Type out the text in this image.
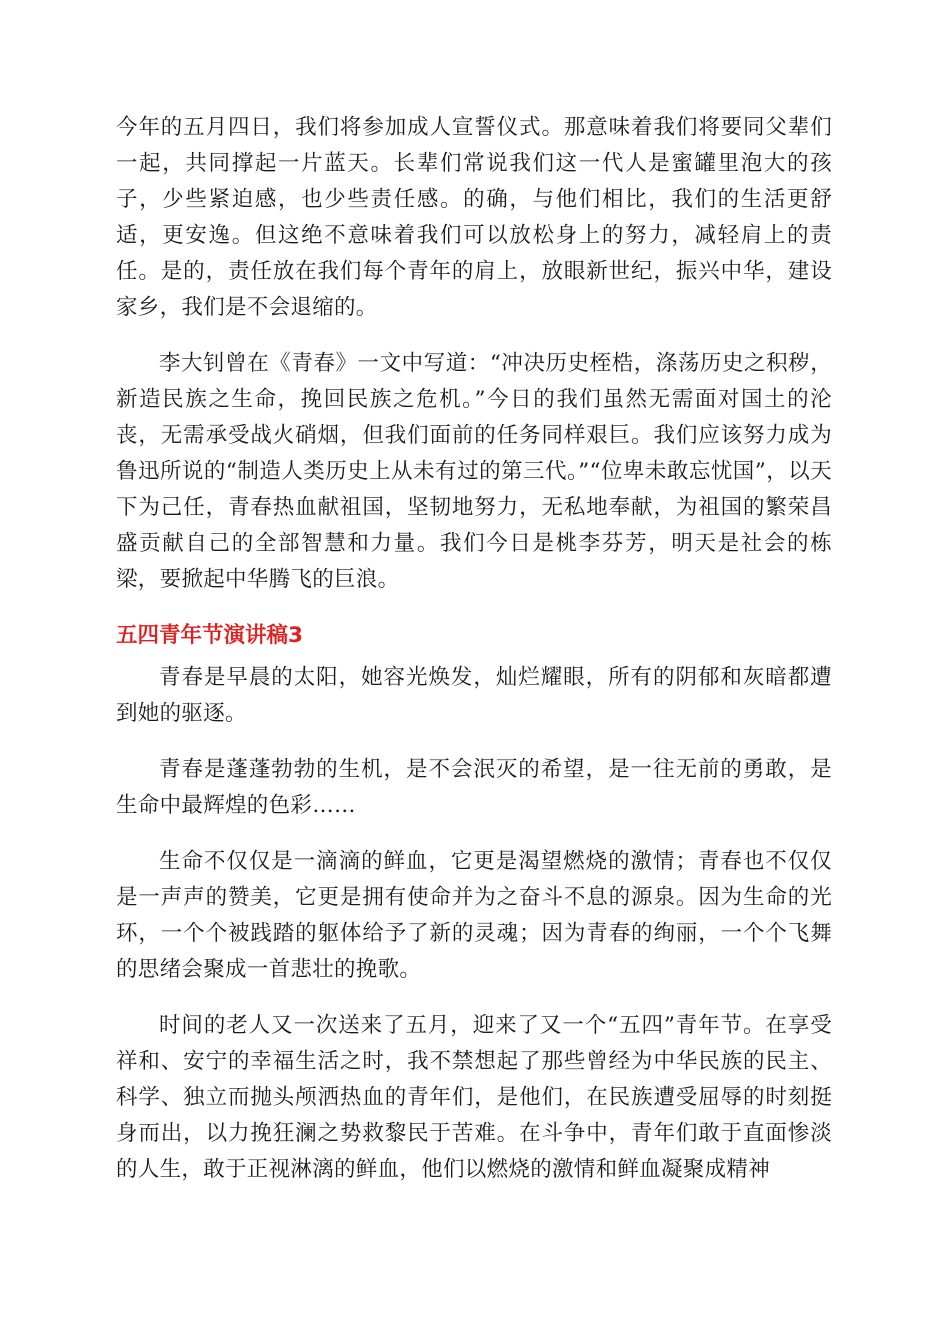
今年的五月四日，我们将参加成人宣誓仪式。那意味着我们将要同父辈们一起，共同撑起一片蓝天。长辈们常说我们这一代人是蜜罐里泡大的孩子，少些紧迫感，也少些责任感。的确，与他们相比，我们的生活更舒适，更安逸。但这绝不意味着我们可以放松身上的努力，减轻肩上的责任。是的，责任放在我们每个青年的肩上，放眼新世纪，振兴中华，建设家乡，我们是不会退缩的。

李大钊曾在《青春》一文中写道：“冲决历史桎梏，涤荡历史之积秽，新造民族之生命，挽回民族之危机。”今日的我们虽然无需面对国土的沦丧，无需承受战火硝烟，但我们面前的任务同样艰巨。我们应该努力成为鲁迅所说的“制造人类历史上从未有过的第三代。”“位卑未敢忘忧国”，以天下为己任，青春热血献祖国，坚韧地努力，无私地奉献，为祖国的繁荣昌盛贡献自己的全部智慧和力量。我们今日是桃李芬芳，明天是社会的栋梁，要掀起中华腾飞的巨浪。

五四青年节演讲稿3

青春是早晨的太阳，她容光焕发，灿烂耀眼，所有的阴郁和灰暗都遭到她的驱逐。

青春是蓬蓬勃勃的生机，是不会泯灭的希望，是一往无前的勇敢，是生命中最辉煌的色彩……

生命不仅仅是一滴滴的鲜血，它更是渴望燃烧的激情；青春也不仅仅是一声声的赞美，它更是拥有使命并为之奋斗不息的源泉。因为生命的光环，一个个被践踏的躯体给予了新的灵魂；因为青春的绚丽，一个个飞舞的思绪会聚成一首悲壮的挽歌。

时间的老人又一次送来了五月，迎来了又一个“五四”青年节。在享受祥和、安宁的幸福生活之时，我不禁想起了那些曾经为中华民族的民主、科学、独立而抛头颅洒热血的青年们，是他们，在民族遭受屈辱的时刻挺身而出，以力挽狂澜之势救黎民于苦难。在斗争中，青年们敢于直面惨淡的人生，敢于正视淋漓的鲜血，他们以燃烧的激情和鲜血凝聚成精神
